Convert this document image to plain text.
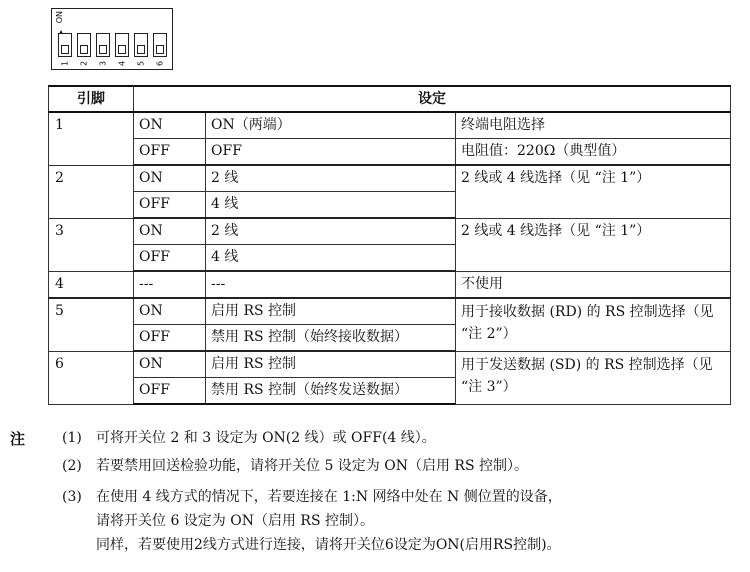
ON
1 2 3 4 5 6
引脚	设定		
1	ON	ON（两端）	终端电阻选择
	OFF	OFF	电阻值：220Ω（典型值）
2	ON	2 线	2 线或 4 线选择（见 “注 1”）
	OFF	4 线	
3	ON	2 线	2 线或 4 线选择（见 “注 1”）
	OFF	4 线	
4	---	---	不使用
5	ON	启用 RS 控制	用于接收数据 (RD) 的 RS 控制选择（见 “注 2”）
	OFF	禁用 RS 控制（始终接收数据）	
6	ON	启用 RS 控制	用于发送数据 (SD) 的 RS 控制选择（见 “注 3”）
	OFF	禁用 RS 控制（始终发送数据）	
注	(1) 可将开关位 2 和 3 设定为 ON(2 线）或 OFF(4 线）。
(2) 若要禁用回送检验功能，请将开关位 5 设定为 ON（启用 RS 控制）。
(3) 在使用 4 线方式的情况下，若要连接在 1:N 网络中处在 N 侧位置的设备，
请将开关位 6 设定为 ON（启用 RS 控制）。
同样，若要使用2线方式进行连接，请将开关位6设定为ON(启用RS控制)。
